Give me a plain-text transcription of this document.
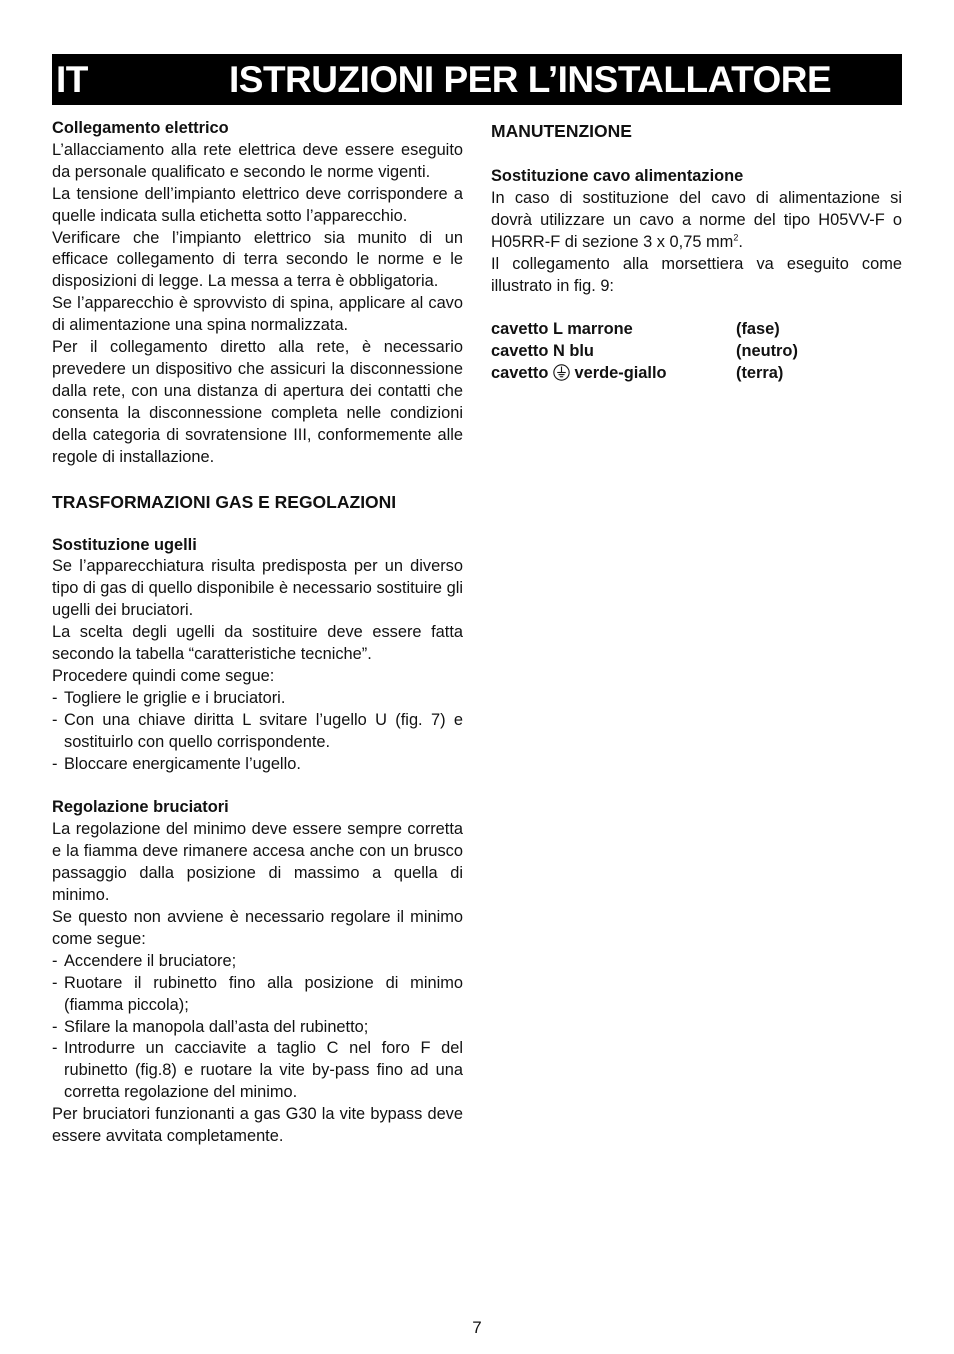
IT	ISTRUZIONI PER L’INSTALLATORE
Collegamento elettrico

L’allacciamento alla rete elettrica deve essere eseguito da personale qualificato e secondo le norme vigenti.

La tensione dell’impianto elettrico deve corrispondere a quelle indicata sulla etichetta sotto l’apparecchio.

Verificare che l’impianto elettrico sia munito di un efficace collegamento di terra secondo le norme e le disposizioni di legge. La messa a terra è obbligatoria.

Se l’apparecchio è sprovvisto di spina, applicare al cavo di alimentazione una spina normalizzata.

Per il collegamento diretto alla rete, è necessario prevedere un dispositivo che assicuri la disconnessione dalla rete, con una distanza di apertura dei contatti che consenta la disconnessione completa nelle condizioni della categoria di sovratensione III, conformemente alle regole di installazione.

TRASFORMAZIONI GAS E REGOLAZIONI
Sostituzione ugelli

Se l’apparecchiatura risulta predisposta per un diverso tipo di gas di quello disponibile è necessario sostituire gli ugelli dei bruciatori.

La scelta degli ugelli da sostituire deve essere fatta secondo la tabella “caratteristiche tecniche”.

Procedere quindi come segue:

- Togliere le griglie e i bruciatori.
- Con una chiave diritta L svitare l’ugello U (fig. 7) e sostituirlo con quello corrispondente.
- Bloccare energicamente l’ugello.
Regolazione bruciatori

La regolazione del minimo deve essere sempre corretta e la fiamma deve rimanere accesa anche con un brusco passaggio dalla posizione di massimo a quella di minimo.

Se questo non avviene è necessario regolare il minimo come segue:

- Accendere il bruciatore;
- Ruotare il rubinetto fino alla posizione di minimo (fiamma piccola);
- Sfilare la manopola dall’asta del rubinetto;
- Introdurre un cacciavite a taglio C nel foro F del rubinetto (fig.8) e ruotare la vite by-pass fino ad una corretta regolazione del minimo.

Per bruciatori funzionanti a gas G30 la vite bypass deve essere avvitata completamente.

MANUTENZIONE
Sostituzione cavo alimentazione

In caso di sostituzione del cavo di alimentazione si dovrà utilizzare un cavo a norme del tipo H05VV-F o H05RR-F di sezione 3 x 0,75 $mm^2$.

Il collegamento alla morsettiera va eseguito come illustrato in fig. 9:

cavetto L marrone	(fase)
cavetto N blu	(neutro)
cavetto verde-giallo	(terra)
7
